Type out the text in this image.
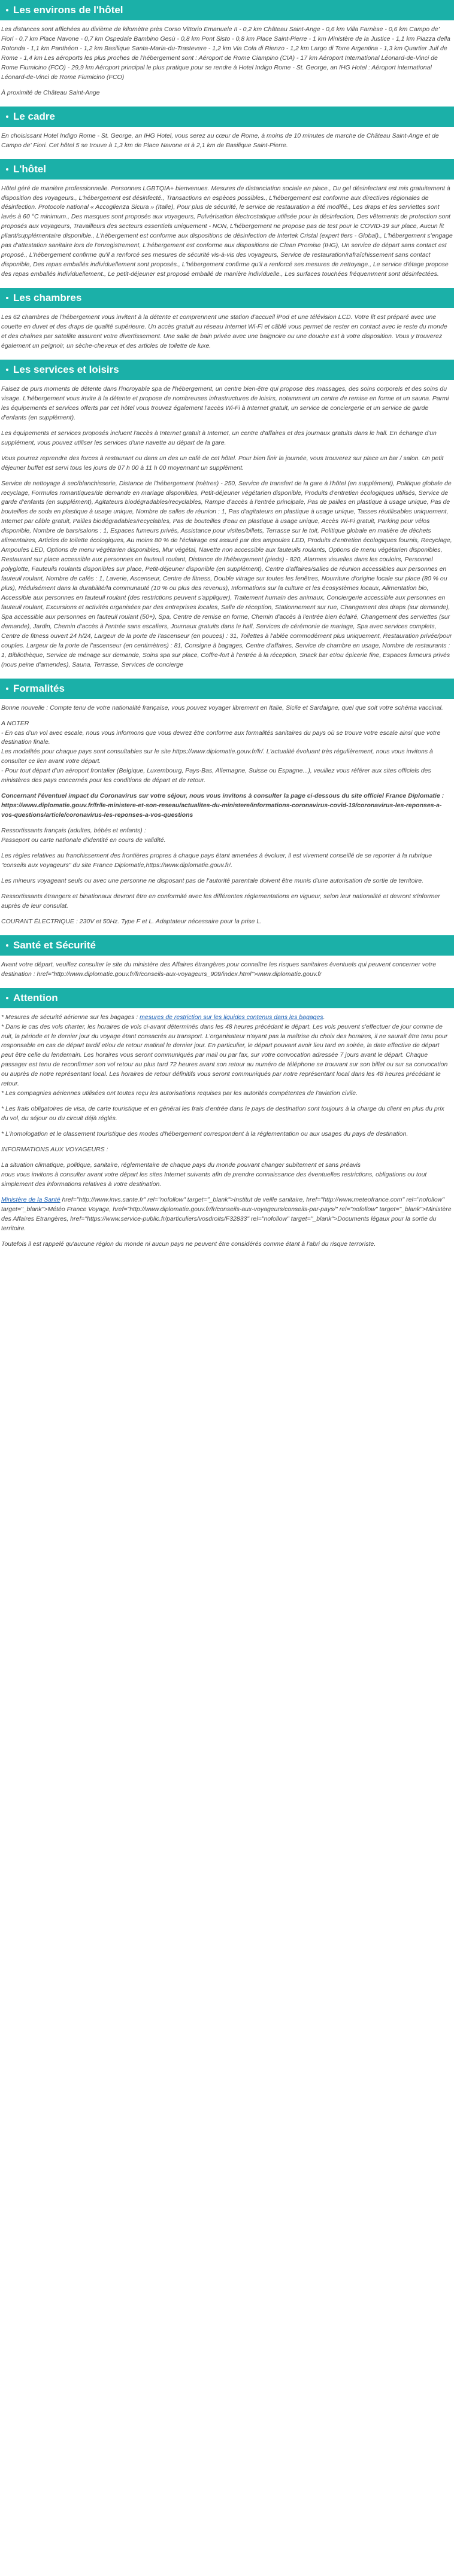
Les environs de l'hôtel

Les distances sont affichées au dixième de kilomètre près Corso Vittorio Emanuele II - 0,2 km Château Saint-Ange - 0,6 km Villa Farnèse - 0,6 km Campo de' Fiori - 0,7 km Place Navone - 0,7 km Ospedale Bambino Gesù - 0,8 km Pont Sisto - 0,8 km Place Saint-Pierre - 1 km Ministère de la Justice - 1,1 km Piazza della Rotonda - 1,1 km Panthéon - 1,2 km Basilique Santa-Maria-du-Trastevere - 1,2 km Via Cola di Rienzo - 1,2 km Largo di Torre Argentina - 1,3 km Quartier Juif de Rome - 1,4 km Les aéroports les plus proches de l'hébergement sont : Aéroport de Rome Ciampino (CIA) - 17 km Aéroport International Léonard-de-Vinci de Rome Fiumicino (FCO) - 29,9 km Aéroport principal le plus pratique pour se rendre à Hotel Indigo Rome - St. George, an IHG Hotel : Aéroport international Léonard-de-Vinci de Rome Fiumicino (FCO)

À proximité de Château Saint-Ange

Le cadre

En choisissant Hotel Indigo Rome - St. George, an IHG Hotel, vous serez au cœur de Rome, à moins de 10 minutes de marche de Château Saint-Ange et de Campo de' Fiori. Cet hôtel 5 se trouve à 1,3 km de Place Navone et à 2,1 km de Basilique Saint-Pierre.

L'hôtel

Hôtel géré de manière professionnelle. Personnes LGBTQIA+ bienvenues. Mesures de distanciation sociale en place., Du gel désinfectant est mis gratuitement à disposition des voyageurs., L'hébergement est désinfecté., Transactions en espèces possibles., L'hébergement est conforme aux directives régionales de désinfection. Protocole national « Accoglienza Sicura » (Italie), Pour plus de sécurité, le service de restauration a été modifié., Les draps et les serviettes sont lavés à 60 °C minimum., Des masques sont proposés aux voyageurs, Pulvérisation électrostatique utilisée pour la désinfection, Des vêtements de protection sont proposés aux voyageurs, Travailleurs des secteurs essentiels uniquement - NON, L'hébergement ne propose pas de test pour le COVID-19 sur place, Aucun lit pliant/supplémentaire disponible., L'hébergement est conforme aux dispositions de désinfection de Intertek Cristal (expert tiers - Global)., L'hébergement s'engage pas d'attestation sanitaire lors de l'enregistrement, L'hébergement est conforme aux dispositions de Clean Promise (IHG), Un service de départ sans contact est proposé., L'hébergement confirme qu'il a renforcé ses mesures de sécurité vis-à-vis des voyageurs, Service de restauration/rafraîchissement sans contact disponible, Des repas emballés individuellement sont proposés., L'hébergement confirme qu'il a renforcé ses mesures de nettoyage., Le service d'étage propose des repas emballés individuellement., Le petit-déjeuner est proposé emballé de manière individuelle., Les surfaces touchées fréquemment sont désinfectées.

Les chambres

Les 62 chambres de l'hébergement vous invitent à la détente et comprennent une station d'accueil iPod et une télévision LCD. Votre lit est préparé avec une couette en duvet et des draps de qualité supérieure. Un accès gratuit au réseau Internet Wi-Fi et câblé vous permet de rester en contact avec le reste du monde et des chaînes par satellite assurent votre divertissement. Une salle de bain privée avec une baignoire ou une douche est à votre disposition. Vous y trouverez également un peignoir, un sèche-cheveux et des articles de toilette de luxe.

Les services et loisirs

Faisez de purs moments de détente dans l'incroyable spa de l'hébergement, un centre bien-être qui propose des massages, des soins corporels et des soins du visage. L'hébergement vous invite à la détente et propose de nombreuses infrastructures de loisirs, notamment un centre de remise en forme et un sauna. Parmi les équipements et services offerts par cet hôtel vous trouvez également l'accès Wi-Fi à Internet gratuit, un service de conciergerie et un service de garde d'enfants (en supplément).

Les équipements et services proposés incluent l'accès à Internet gratuit à Internet, un centre d'affaires et des journaux gratuits dans le hall. En échange d'un supplément, vous pouvez utiliser les services d'une navette au départ de la gare.

Vous pourrez reprendre des forces à restaurant ou dans un des un café de cet hôtel. Pour bien finir la journée, vous trouverez sur place un bar / salon. Un petit déjeuner buffet est servi tous les jours de 07 h 00 à 11 h 00 moyennant un supplément.

Service de nettoyage à sec/blanchisserie, Distance de l'hébergement (mètres) - 250, Service de transfert de la gare à l'hôtel (en supplément), Politique globale de recyclage, Formules romantiques/de demande en mariage disponibles, Petit-déjeuner végétarien disponible, Produits d'entretien écologiques utilisés, Service de garde d'enfants (en supplément), Agitateurs biodégradables/recyclables, Rampe d'accès à l'entrée principale, Pas de pailles en plastique à usage unique, Pas de bouteilles de soda en plastique à usage unique, Nombre de salles de réunion : 1, Pas d'agitateurs en plastique à usage unique, Tasses réutilisables uniquement, Internet par câble gratuit, Pailles biodégradables/recyclables, Pas de bouteilles d'eau en plastique à usage unique, Accès Wi-Fi gratuit, Parking pour vélos disponible, Nombre de bars/salons : 1, Espaces fumeurs privés, Assistance pour visites/billets, Terrasse sur le toit, Politique globale en matière de déchets alimentaires, Articles de toilette écologiques, Au moins 80 % de l'éclairage est assuré par des ampoules LED, Produits d'entretien écologiques fournis, Recyclage, Ampoules LED, Options de menu végétarien disponibles, Mur végétal, Navette non accessible aux fauteuils roulants, Options de menu végétarien disponibles, Restaurant sur place accessible aux personnes en fauteuil roulant, Distance de l'hébergement (pieds) - 820, Alarmes visuelles dans les couloirs, Personnel polyglotte, Fauteuils roulants disponibles sur place, Petit-déjeuner disponible (en supplément), Centre d'affaires/salles de réunion accessibles aux personnes en fauteuil roulant, Nombre de cafés : 1, Laverie, Ascenseur, Centre de fitness, Double vitrage sur toutes les fenêtres, Nourriture d'origine locale sur place (80 % ou plus), Réduisément dans la durabilité/la communauté (10 % ou plus des revenus), Informations sur la culture et les écosystèmes locaux, Alimentation bio, Accessible aux personnes en fauteuil roulant (des restrictions peuvent s'appliquer), Traitement humain des animaux, Conciergerie accessible aux personnes en fauteuil roulant, Excursions et activités organisées par des entreprises locales, Salle de réception, Stationnement sur rue, Changement des draps (sur demande), Spa accessible aux personnes en fauteuil roulant (50+), Spa, Centre de remise en forme, Chemin d'accès à l'entrée bien éclairé, Changement des serviettes (sur demande), Jardin, Chemin d'accès à l'entrée sans escaliers, Journaux gratuits dans le hall, Services de cérémonie de mariage, Spa avec services complets, Centre de fitness ouvert 24 h/24, Largeur de la porte de l'ascenseur (en pouces) : 31, Toilettes à l'ablée commodément plus uniquement, Restauration privée/pour couples. Largeur de la porte de l'ascenseur (en centimètres) : 81, Consigne à bagages, Centre d'affaires, Service de chambre en usage, Nombre de restaurants : 1, Bibliothèque, Service de ménage sur demande, Soins spa sur place, Coffre-fort à l'entrée à la réception, Snack bar et/ou épicerie fine, Espaces fumeurs privés (nous peine d'amendes), Sauna, Terrasse, Services de concierge

Formalités

Bonne nouvelle : Compte tenu de votre nationalité française, vous pouvez voyager librement en Italie, Sicile et Sardaigne, quel que soit votre schéma vaccinal.

A NOTER
- En cas d'un vol avec escale, nous vous informons que vous devrez être conforme aux formalités sanitaires du pays où se trouve votre escale ainsi que votre destination finale.
Les modalités pour chaque pays sont consultables sur le site https://www.diplomatie.gouv.fr/fr/. L'actualité évoluant très régulièrement, nous vous invitons à consulter ce lien avant votre départ.
- Pour tout départ d'un aéroport frontalier (Belgique, Luxembourg, Pays-Bas, Allemagne, Suisse ou Espagne...), veuillez vous référer aux sites officiels des ministères des pays concernés pour les conditions de départ et de retour.

Concernant l'éventuel impact du Coronavirus sur votre séjour, nous vous invitons à consulter la page ci-dessous du site officiel France Diplomatie :
https://www.diplomatie.gouv.fr/fr/le-ministere-et-son-reseau/actualites-du-ministere/informations-coronavirus-covid-19/coronavirus-les-reponses-a-vos-questions/article/coronavirus-les-reponses-a-vos-questions

Ressortissants français (adultes, bébés et enfants) :
Passeport ou carte nationale d'identité en cours de validité.

Les règles relatives au franchissement des frontières propres à chaque pays étant amenées à évoluer, il est vivement conseillé de se reporter à la rubrique "conseils aux voyageurs" du site France Diplomatie,https://www.diplomatie.gouv.fr/.

Les mineurs voyageant seuls ou avec une personne ne disposant pas de l'autorité parentale doivent être munis d'une autorisation de sortie de territoire.

Ressortissants étrangers et binationaux devront être en conformité avec les différentes réglementations en vigueur, selon leur nationalité et devront s'informer auprès de leur consulat.

COURANT ÉLECTRIQUE : 230V et 50Hz. Type F et L. Adaptateur nécessaire pour la prise L.

Santé et Sécurité

Avant votre départ, veuillez consulter le site du ministère des Affaires étrangères pour connaître les risques sanitaires éventuels qui peuvent concerner votre destination : href="http://www.diplomatie.gouv.fr/fr/conseils-aux-voyageurs_909/index.html">www.diplomatie.gouv.fr

Attention

* Mesures de sécurité aérienne sur les bagages : mesures de restriction sur les liquides contenus dans les bagages.
* Dans le cas des vols charter, les horaires de vols ci-avant déterminés dans les 48 heures précédant le départ. Les vols peuvent s'effectuer de jour comme de nuit, la période et le dernier jour du voyage étant consacrés au transport. L'organisateur n'ayant pas la maîtrise du choix des horaires, il ne saurait être tenu pour responsable en cas de départ tardif et/ou de retour matinal le dernier jour. En particulier, le départ pouvant avoir lieu tard en soirée, la date effective de départ peut être celle du lendemain. Les horaires vous seront communiqués par mail ou par fax, sur votre convocation adressée 7 jours avant le départ. Chaque passager est tenu de reconfirmer son vol retour au plus tard 72 heures avant son retour au numéro de téléphone se trouvant sur son billet ou sur sa convocation ou auprès de notre représentant local. Les horaires de retour définitifs vous seront communiqués par notre représentant local dans les 48 heures précédant le retour.
* Les compagnies aériennes utilisées ont toutes reçu les autorisations requises par les autorités compétentes de l'aviation civile.

* Les frais obligatoires de visa, de carte touristique et en général les frais d'entrée dans le pays de destination sont toujours à la charge du client en plus du prix du vol, du séjour ou du circuit déjà réglés.

* L'homologation et le classement touristique des modes d'hébergement correspondent à la réglementation ou aux usages du pays de destination.

INFORMATIONS AUX VOYAGEURS :

La situation climatique, politique, sanitaire, réglementaire de chaque pays du monde pouvant changer subitement et sans préavis
nous vous invitons à consulter avant votre départ les sites Internet suivants afin de prendre connaissance des éventuelles restrictions, obligations ou tout simplement des informations relatives à votre destination.

Ministère de la Santé href="http://www.invs.sante.fr" rel="nofollow" target="_blank">Institut de veille sanitaire, href="http://www.meteofrance.com" rel="nofollow" target="_blank">Météo France Voyage, href="http://www.diplomatie.gouv.fr/fr/conseils-aux-voyageurs/conseils-par-pays/" rel="nofollow" target="_blank">Ministère des Affaires Etrangères, href="https://www.service-public.fr/particuliers/vosdroits/F32833" rel="nofollow" target="_blank">Documents légaux pour la sortie du territoire.

Toutefois il est rappelé qu'aucune région du monde ni aucun pays ne peuvent être considérés comme étant à l'abri du risque terroriste.
